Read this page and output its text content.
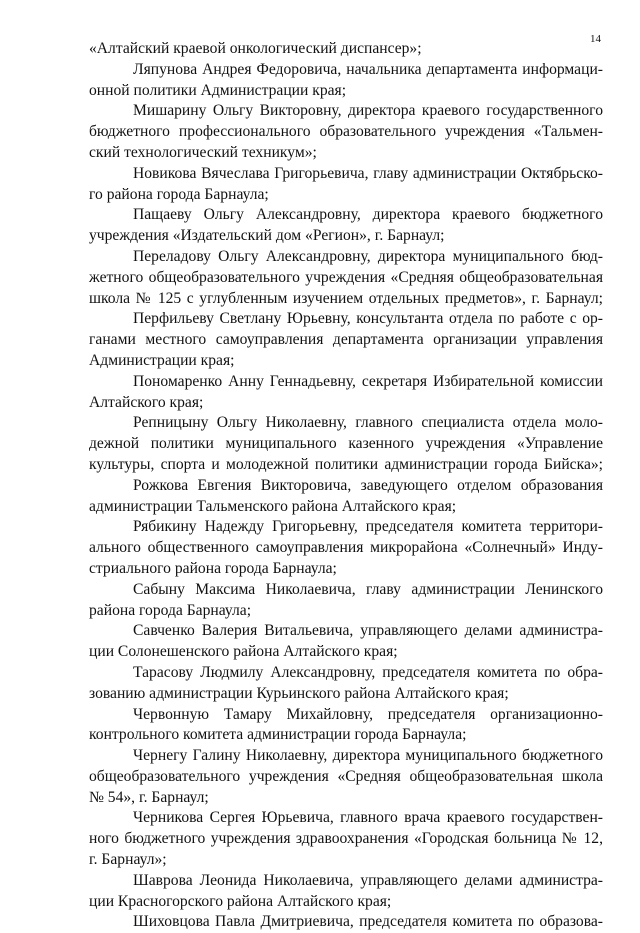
14
«Алтайский краевой онкологический диспансер»;
Ляпунова Андрея Федоровича, начальника департамента информаци-
онной политики Администрации края;
Мишарину Ольгу Викторовну, директора краевого государственного
бюджетного профессионального образовательного учреждения «Тальмен-
ский технологический техникум»;
Новикова Вячеслава Григорьевича, главу администрации Октябрьско-
го района города Барнаула;
Пащаеву Ольгу Александровну, директора краевого бюджетного
учреждения «Издательский дом «Регион», г. Барнаул;
Переладову Ольгу Александровну, директора муниципального бюд-
жетного общеобразовательного учреждения «Средняя общеобразовательная
школа № 125 с углубленным изучением отдельных предметов», г. Барнаул;
Перфильеву Светлану Юрьевну, консультанта отдела по работе с ор-
ганами местного самоуправления департамента организации управления
Администрации края;
Пономаренко Анну Геннадьевну, секретаря Избирательной комиссии
Алтайского края;
Репницыну Ольгу Николаевну, главного специалиста отдела моло-
дежной политики муниципального казенного учреждения «Управление
культуры, спорта и молодежной политики администрации города Бийска»;
Рожкова Евгения Викторовича, заведующего отделом образования
администрации Тальменского района Алтайского края;
Рябикину Надежду Григорьевну, председателя комитета территори-
ального общественного самоуправления микрорайона «Солнечный» Инду-
стриального района города Барнаула;
Сабыну Максима Николаевича, главу администрации Ленинского
района города Барнаула;
Савченко Валерия Витальевича, управляющего делами администра-
ции Солонешенского района Алтайского края;
Тарасову Людмилу Александровну, председателя комитета по обра-
зованию администрации Курьинского района Алтайского края;
Червонную Тамару Михайловну, председателя организационно-
контрольного комитета администрации города Барнаула;
Чернегу Галину Николаевну, директора муниципального бюджетного
общеобразовательного учреждения «Средняя общеобразовательная школа
№ 54», г. Барнаул;
Черникова Сергея Юрьевича, главного врача краевого государствен-
ного бюджетного учреждения здравоохранения «Городская больница № 12,
г. Барнаул»;
Шаврова Леонида Николаевича, управляющего делами администра-
ции Красногорского района Алтайского края;
Шиховцова Павла Дмитриевича, председателя комитета по образова-
